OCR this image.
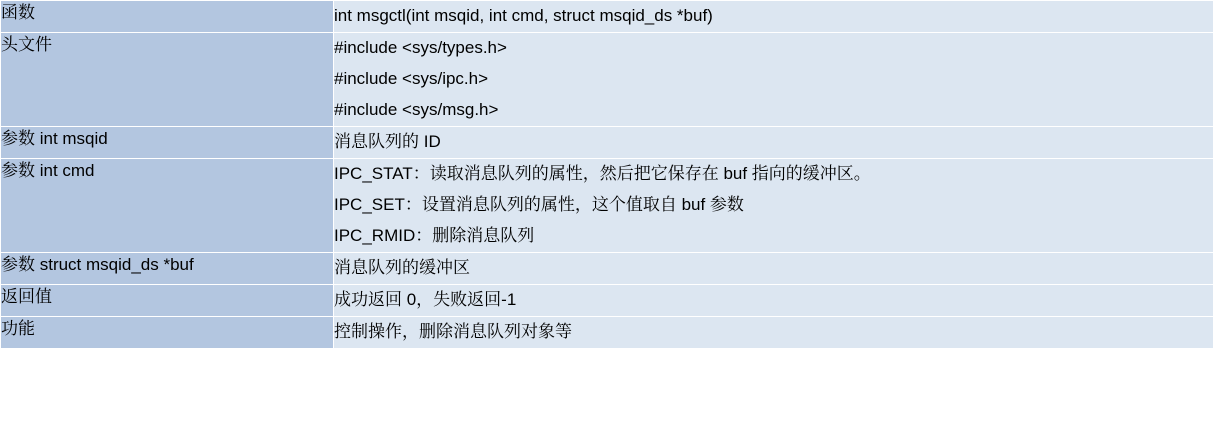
函数	int msgctl(int msqid, int cmd, struct msqid_ds *buf)

头文件	#include <sys/types.h>
#include <sys/ipc.h>
#include <sys/msg.h>

参数 int msqid	消息队列的 ID

参数 int cmd	IPC_STAT：读取消息队列的属性，然后把它保存在 buf 指向的缓冲区。
IPC_SET：设置消息队列的属性，这个值取自 buf 参数
IPC_RMID：删除消息队列

参数 struct msqid_ds *buf	消息队列的缓冲区

返回值	成功返回 0，失败返回-1

功能	控制操作，删除消息队列对象等
